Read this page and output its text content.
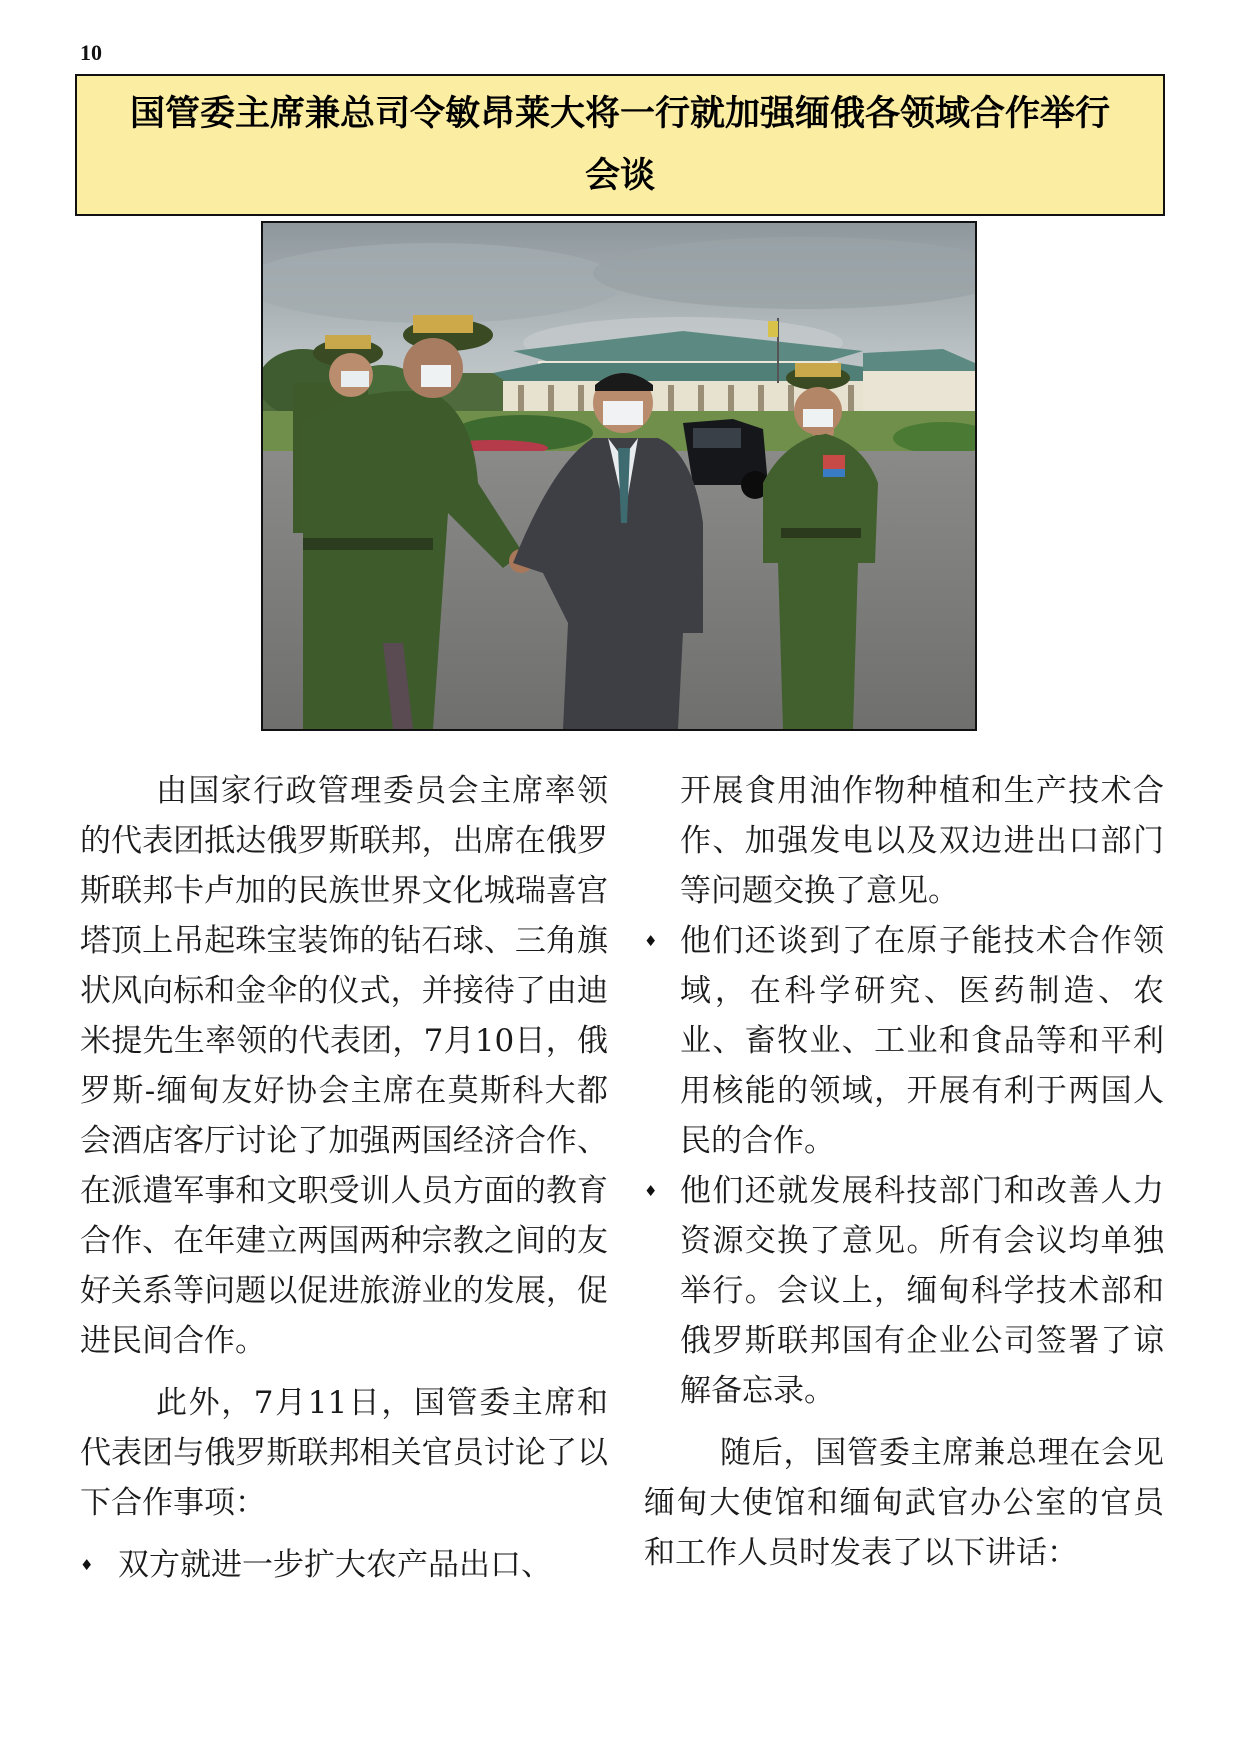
10
国管委主席兼总司令敏昂莱大将一行就加强缅俄各领域合作举行
会谈

由国家行政管理委员会主席率领的代表团抵达俄罗斯联邦，出席在俄罗斯联邦卡卢加的民族世界文化城瑞喜宫塔顶上吊起珠宝装饰的钻石球、三角旗状风向标和金伞的仪式，并接待了由迪米提先生率领的代表团，7月10日，俄罗斯-缅甸友好协会主席在莫斯科大都会酒店客厅讨论了加强两国经济合作、在派遣军事和文职受训人员方面的教育合作、在年建立两国两种宗教之间的友好关系等问题以促进旅游业的发展，促进民间合作。

此外，7月11日，国管委主席和代表团与俄罗斯联邦相关官员讨论了以下合作事项：

♦ 双方就进一步扩大农产品出口、

开展食用油作物种植和生产技术合作、加强发电以及双边进出口部门等问题交换了意见。

♦ 他们还谈到了在原子能技术合作领域，在科学研究、医药制造、农业、畜牧业、工业和食品等和平利用核能的领域，开展有利于两国人民的合作。

♦ 他们还就发展科技部门和改善人力资源交换了意见。所有会议均单独举行。会议上，缅甸科学技术部和俄罗斯联邦国有企业公司签署了谅解备忘录。

随后，国管委主席兼总理在会见缅甸大使馆和缅甸武官办公室的官员和工作人员时发表了以下讲话：
